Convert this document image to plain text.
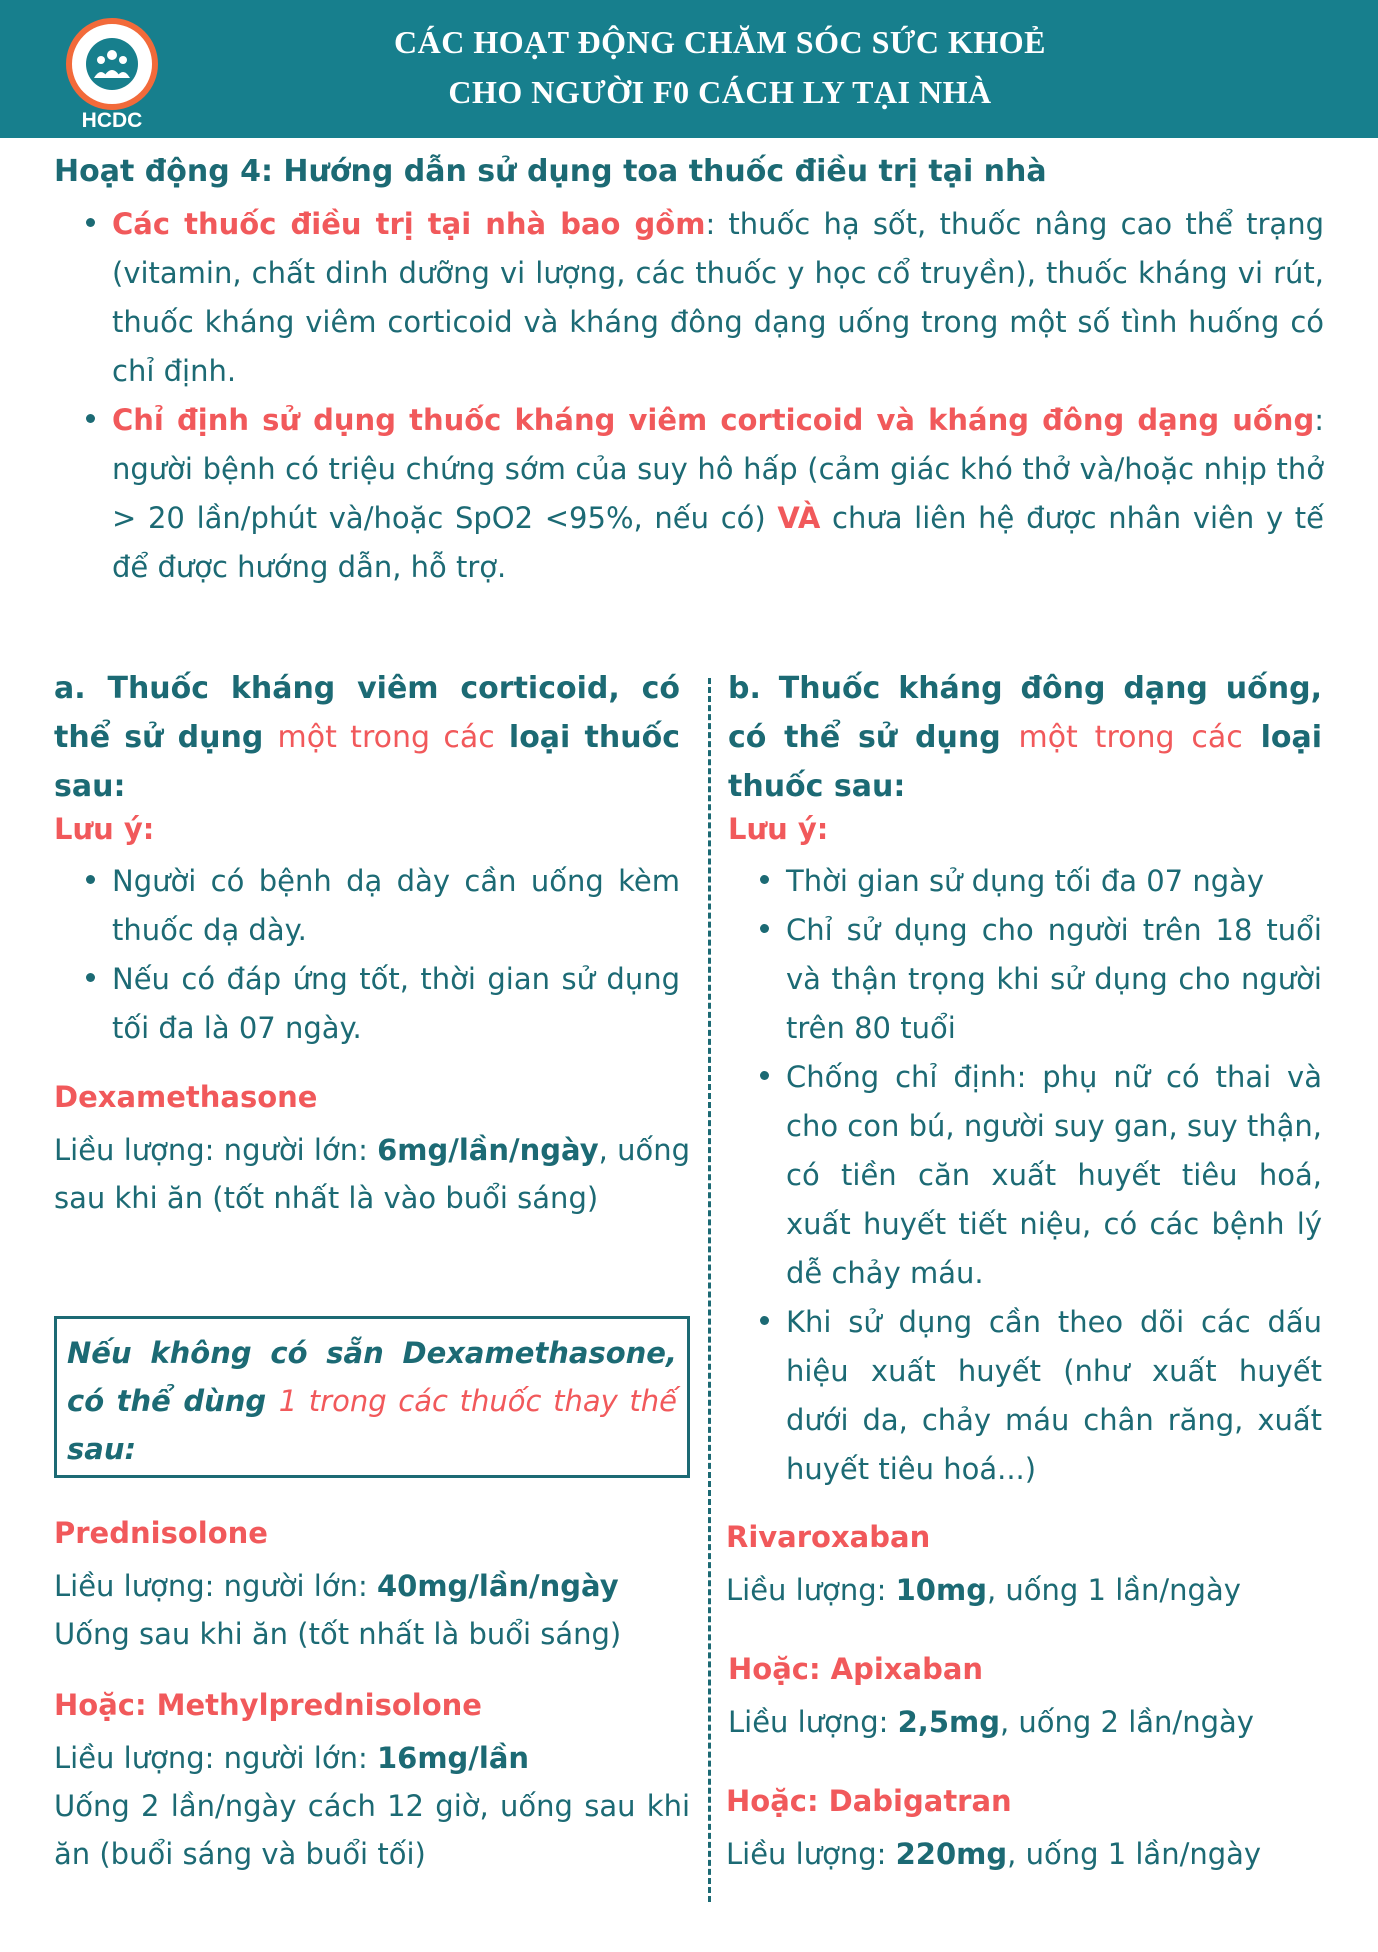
HCDC
CÁC HOẠT ĐỘNG CHĂM SÓC SỨC KHOẺ
CHO NGƯỜI F0 CÁCH LY TẠI NHÀ
Hoạt động 4: Hướng dẫn sử dụng toa thuốc điều trị tại nhà
Các thuốc điều trị tại nhà bao gồm: thuốc hạ sốt, thuốc nâng cao thể trạng (vitamin, chất dinh dưỡng vi lượng, các thuốc y học cổ truyền), thuốc kháng vi rút, thuốc kháng viêm corticoid và kháng đông dạng uống trong một số tình huống có chỉ định.
Chỉ định sử dụng thuốc kháng viêm corticoid và kháng đông dạng uống: người bệnh có triệu chứng sớm của suy hô hấp (cảm giác khó thở và/hoặc nhịp thở > 20 lần/phút và/hoặc SpO2 <95%, nếu có) VÀ chưa liên hệ được nhân viên y tế để được hướng dẫn, hỗ trợ.
a. Thuốc kháng viêm corticoid, có thể sử dụng một trong các loại thuốc sau:
Lưu ý:
Người có bệnh dạ dày cần uống kèm thuốc dạ dày.
Nếu có đáp ứng tốt, thời gian sử dụng tối đa là 07 ngày.
Dexamethasone
Liều lượng: người lớn: 6mg/lần/ngày, uống sau khi ăn (tốt nhất là vào buổi sáng)
Nếu không có sẵn Dexamethasone, có thể dùng 1 trong các thuốc thay thế sau:
Prednisolone
Liều lượng: người lớn: 40mg/lần/ngày
Uống sau khi ăn (tốt nhất là buổi sáng)
Hoặc: Methylprednisolone
Liều lượng: người lớn: 16mg/lần
Uống 2 lần/ngày cách 12 giờ, uống sau khi ăn (buổi sáng và buổi tối)
b. Thuốc kháng đông dạng uống, có thể sử dụng một trong các loại thuốc sau:
Lưu ý:
Thời gian sử dụng tối đa 07 ngày
Chỉ sử dụng cho người trên 18 tuổi và thận trọng khi sử dụng cho người trên 80 tuổi
Chống chỉ định: phụ nữ có thai và cho con bú, người suy gan, suy thận, có tiền căn xuất huyết tiêu hoá, xuất huyết tiết niệu, có các bệnh lý dễ chảy máu.
Khi sử dụng cần theo dõi các dấu hiệu xuất huyết (như xuất huyết dưới da, chảy máu chân răng, xuất huyết tiêu hoá...)
Rivaroxaban
Liều lượng: 10mg, uống 1 lần/ngày
Hoặc: Apixaban
Liều lượng: 2,5mg, uống 2 lần/ngày
Hoặc: Dabigatran
Liều lượng: 220mg, uống 1 lần/ngày
